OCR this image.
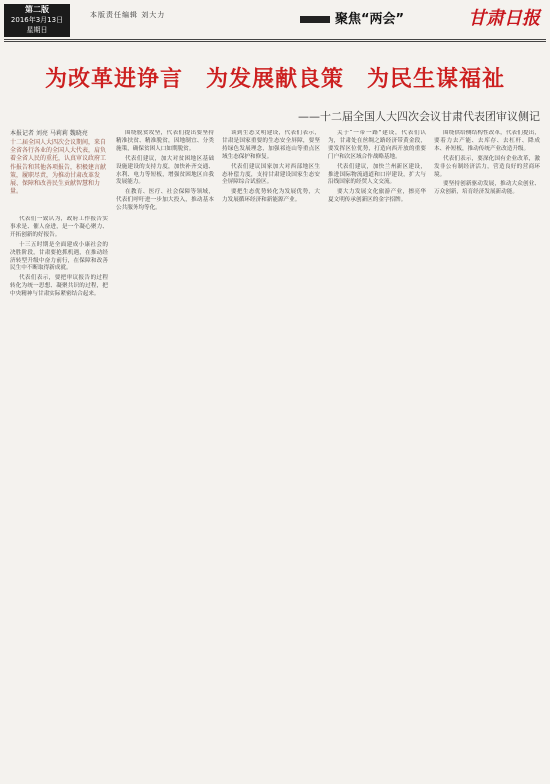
第二版
2016年3月13日
星期日
本版责任编辑 刘大力	聚焦“两会”	甘肃日报
为改革进诤言　为发展献良策　为民生谋福祉
——十二届全国人大四次会议甘肃代表团审议侧记
本报记者 刘亮 马莉莉 魏晓亮
十二届全国人大四次会议期间，来自全省各行各业的全国人大代表，肩负着全省人民的重托，认真审议政府工作报告和其他各项报告，积极建言献策，履职尽责，为推动甘肃改革发展、保障和改善民生贡献智慧和力量。

代表们一致认为，政府工作报告实事求是、催人奋进，是一个凝心聚力、开拓创新的好报告。

十三五时期是全面建成小康社会的决胜阶段，甘肃要抢抓机遇，在推动经济转型升级中奋力前行，在保障和改善民生中不断取得新成就。

代表们表示，要把审议报告的过程转化为统一思想、凝聚共识的过程，把中央精神与甘肃实际紧密结合起来。

围绕脱贫攻坚，代表们提出要坚持精准扶贫、精准脱贫，因地制宜、分类施策，确保贫困人口如期脱贫。

代表们建议，加大对贫困地区基础设施建设的支持力度，加快补齐交通、水利、电力等短板，增强贫困地区自我发展能力。

在教育、医疗、社会保障等领域，代表们呼吁进一步加大投入，推动基本公共服务均等化。

谈到生态文明建设，代表们表示，甘肃是国家重要的生态安全屏障，要坚持绿色发展理念，加强祁连山等重点区域生态保护和修复。

代表们建议国家加大对西部地区生态补偿力度，支持甘肃建设国家生态安全屏障综合试验区。

要把生态优势转化为发展优势，大力发展循环经济和新能源产业。

关于“一带一路”建设，代表们认为，甘肃处在丝绸之路经济带黄金段，要发挥区位优势，打造向西开放的重要门户和次区域合作战略基地。

代表们建议，加快兰州新区建设，推进国际物流通道和口岸建设，扩大与沿线国家的经贸人文交流。

要大力发展文化旅游产业，擦亮华夏文明传承创新区的金字招牌。

围绕供给侧结构性改革，代表们提出，要着力去产能、去库存、去杠杆、降成本、补短板，推动传统产业改造升级。

代表们表示，要深化国有企业改革，激发非公有制经济活力，营造良好的营商环境。

要坚持创新驱动发展，推动大众创业、万众创新，培育经济发展新动能。
